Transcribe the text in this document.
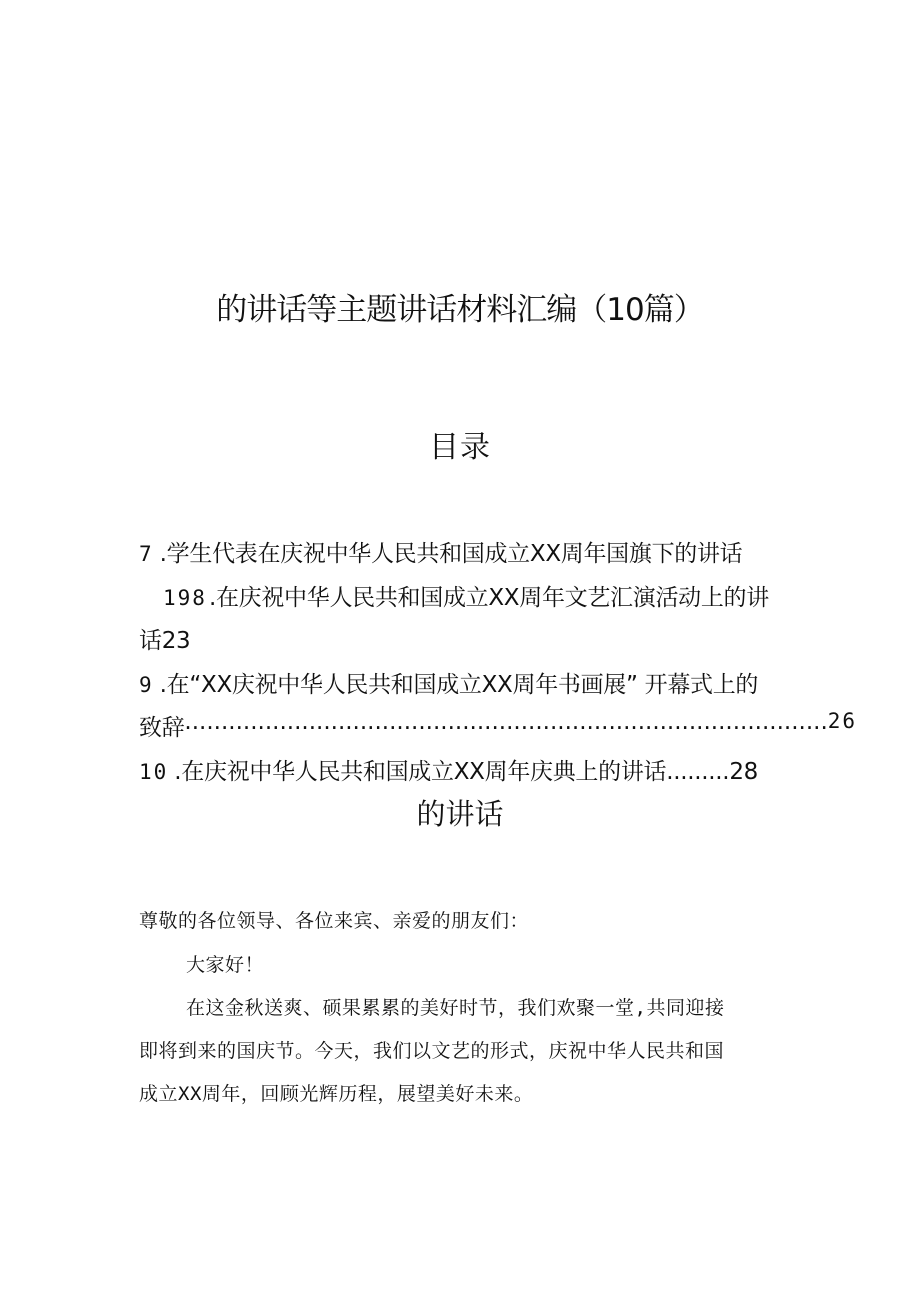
的讲话等主题讲话材料汇编（10篇）
目录
7 .学生代表在庆祝中华人民共和国成立XX周年国旗下的讲话
198.在庆祝中华人民共和国成立XX周年文艺汇演活动上的讲
话23
9 .在“XX庆祝中华人民共和国成立XX周年书画展” 开幕式上的
致辞 ........................................................................................ 26
10 .在庆祝中华人民共和国成立XX周年庆典上的讲话.........28
的讲话
尊敬的各位领导、各位来宾、亲爱的朋友们：
大家好！
在这金秋送爽、硕果累累的美好时节，我们欢聚一堂,共同迎接
即将到来的国庆节。今天，我们以文艺的形式，庆祝中华人民共和国
成立XX周年，回顾光辉历程，展望美好未来。
